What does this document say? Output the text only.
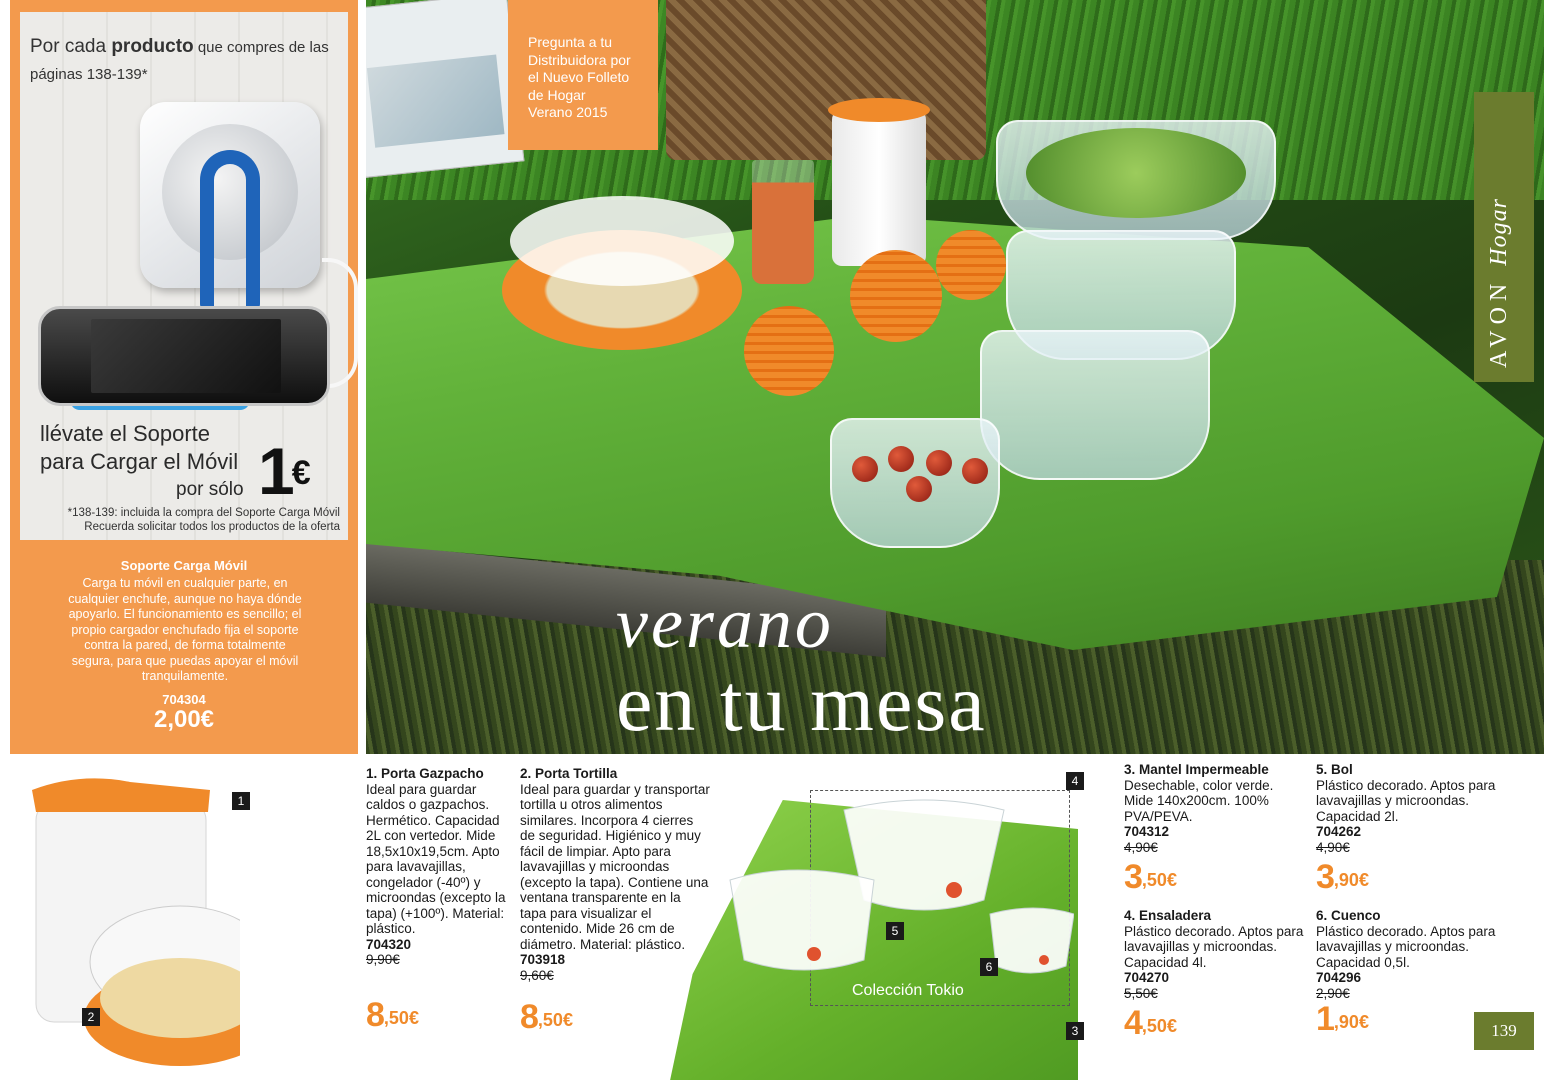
Por cada producto que compres de las páginas 138-139*
llévate el Soporte
para Cargar el Móvil
por sólo 1€
*138-139: incluida la compra del Soporte Carga Móvil
Recuerda solicitar todos los productos de la oferta
Soporte Carga Móvil
Carga tu móvil en cualquier parte, en cualquier enchufe, aunque no haya dónde apoyarlo. El funcionamiento es sencillo; el propio cargador enchufado fija el soporte contra la pared, de forma totalmente segura, para que puedas apoyar el móvil tranquilamente.
704304
2,00€
Pregunta a tu
Distribuidora por
el Nuevo Folleto
de Hogar
Verano 2015
verano
en tu mesa
AVON Hogar
1
2
Colección Tokio
4
5
6
3
1. Porta Gazpacho
Ideal para guardar caldos o gazpachos. Hermético. Capacidad 2L con vertedor. Mide 18,5x10x19,5cm. Apto para lavavajillas, congelador (-40º) y microondas (excepto la tapa) (+100º). Material: plástico.
704320
9,90€
$8^{,50€}$
2. Porta Tortilla
Ideal para guardar y transportar tortilla u otros alimentos similares. Incorpora 4 cierres de seguridad. Higiénico y muy fácil de limpiar. Apto para lavavajillas y microondas (excepto la tapa). Contiene una ventana transparente en la tapa para visualizar el contenido. Mide 26 cm de diámetro. Material: plástico.
703918
9,60€
$8^{,50€}$
3. Mantel Impermeable
Desechable, color verde. Mide 140x200cm. 100% PVA/PEVA.
704312
4,90€
$3^{,50€}$
4. Ensaladera
Plástico decorado. Aptos para lavavajillas y microondas. Capacidad 4l.
704270
5,50€
$4^{,50€}$
5. Bol
Plástico decorado. Aptos para lavavajillas y microondas. Capacidad 2l.
704262
4,90€
$3^{,90€}$
6. Cuenco
Plástico decorado. Aptos para lavavajillas y microondas. Capacidad 0,5l.
704296
2,90€
$1^{,90€}$	139
